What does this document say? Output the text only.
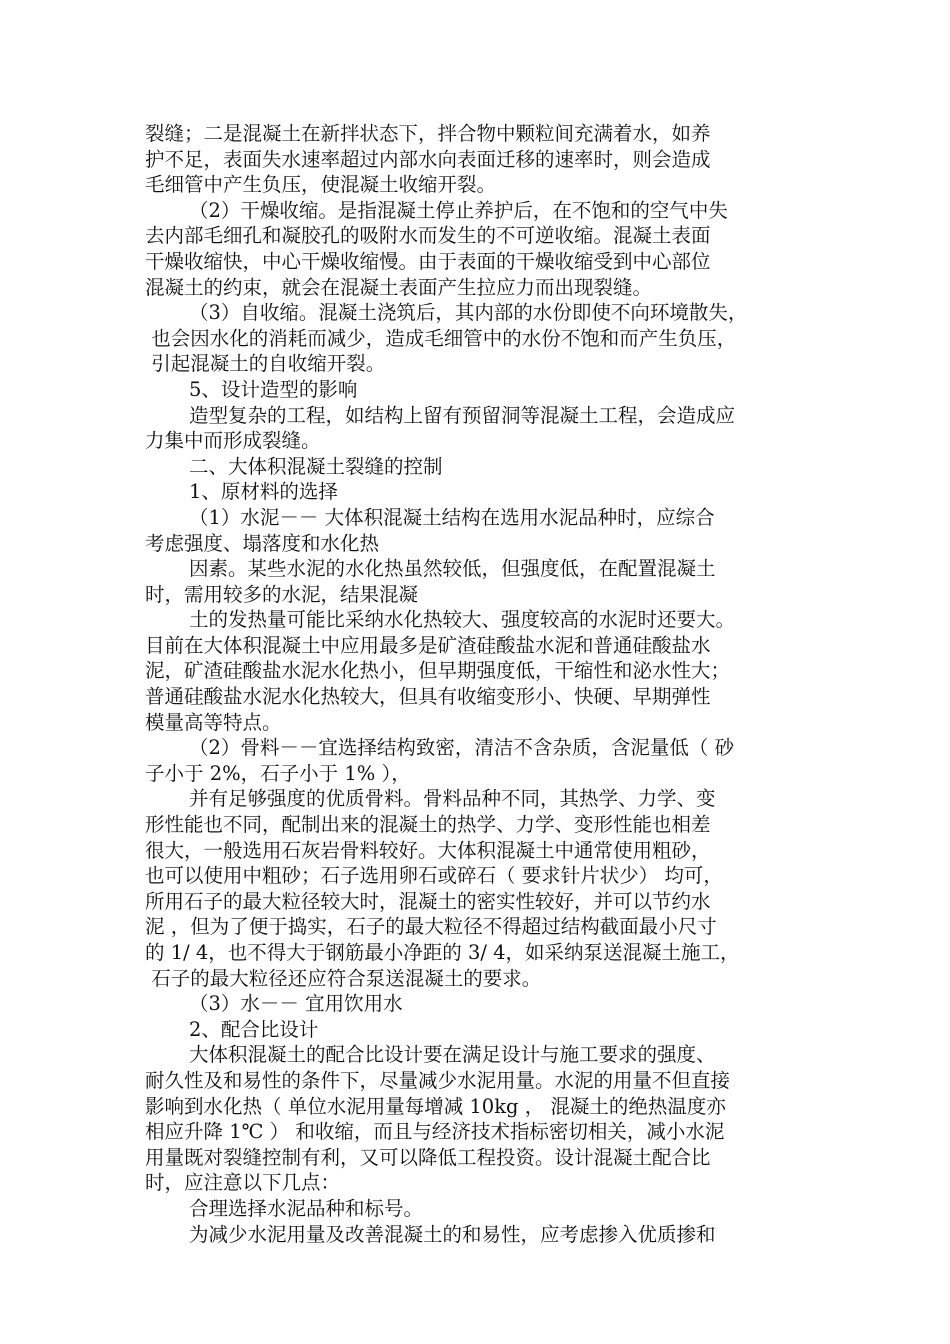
裂缝；二是混凝土在新拌状态下，拌合物中颗粒间充满着水，如养
护不足，表面失水速率超过内部水向表面迁移的速率时，则会造成
毛细管中产生负压，使混凝土收缩开裂。
（2）干燥收缩。是指混凝土停止养护后，在不饱和的空气中失
去内部毛细孔和凝胶孔的吸附水而发生的不可逆收缩。混凝土表面
干燥收缩快，中心干燥收缩慢。由于表面的干燥收缩受到中心部位
混凝土的约束，就会在混凝土表面产生拉应力而出现裂缝。
（3）自收缩。混凝土浇筑后，其内部的水份即使不向环境散失，
也会因水化的消耗而减少，造成毛细管中的水份不饱和而产生负压，
引起混凝土的自收缩开裂。
5、设计造型的影响
造型复杂的工程，如结构上留有预留洞等混凝土工程，会造成应
力集中而形成裂缝。
二、大体积混凝土裂缝的控制
1、原材料的选择
（1）水泥－－ 大体积混凝土结构在选用水泥品种时，应综合
考虑强度、塌落度和水化热
因素。某些水泥的水化热虽然较低，但强度低，在配置混凝土
时，需用较多的水泥，结果混凝
土的发热量可能比采纳水化热较大、强度较高的水泥时还要大。
目前在大体积混凝土中应用最多是矿渣硅酸盐水泥和普通硅酸盐水
泥，矿渣硅酸盐水泥水化热小，但早期强度低，干缩性和泌水性大；
普通硅酸盐水泥水化热较大，但具有收缩变形小、快硬、早期弹性
模量高等特点。
（2）骨料－－宜选择结构致密，清洁不含杂质，含泥量低（ 砂
子小于 2%，石子小于 1% ），
并有足够强度的优质骨料。骨料品种不同，其热学、力学、变
形性能也不同，配制出来的混凝土的热学、力学、变形性能也相差
很大，一般选用石灰岩骨料较好。大体积混凝土中通常使用粗砂，
也可以使用中粗砂；石子选用卵石或碎石（ 要求针片状少） 均可，
所用石子的最大粒径较大时，混凝土的密实性较好，并可以节约水
泥 ，但为了便于捣实，石子的最大粒径不得超过结构截面最小尺寸
的 1/ 4，也不得大于钢筋最小净距的 3/ 4，如采纳泵送混凝土施工，
石子的最大粒径还应符合泵送混凝土的要求。
（3）水－－ 宜用饮用水
2、配合比设计
大体积混凝土的配合比设计要在满足设计与施工要求的强度、
耐久性及和易性的条件下，尽量减少水泥用量。水泥的用量不但直接
影响到水化热（ 单位水泥用量每增减 10kg ， 混凝土的绝热温度亦
相应升降 1℃ ） 和收缩，而且与经济技术指标密切相关，减小水泥
用量既对裂缝控制有利，又可以降低工程投资。设计混凝土配合比
时，应注意以下几点：
合理选择水泥品种和标号。
为减少水泥用量及改善混凝土的和易性，应考虑掺入优质掺和
